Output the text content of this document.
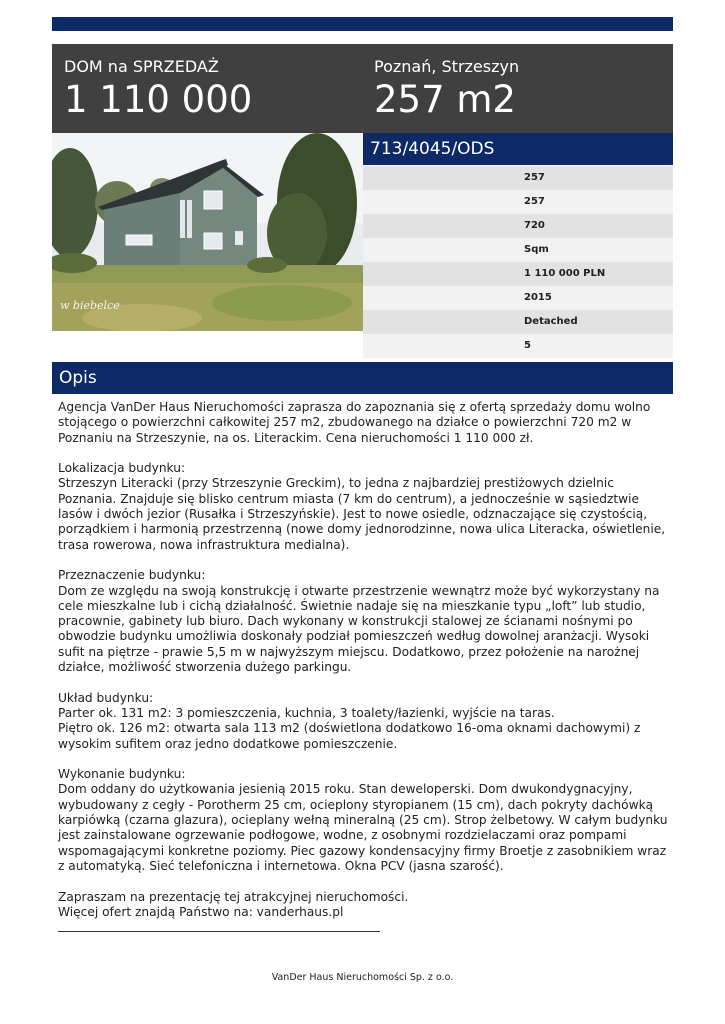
DOM na SPRZEDAŻ
1 110 000
Poznań, Strzeszyn
257 m2
w biebelce
713/4045/ODS
257
257
720
Sqm
1 110 000 PLN
2015
Detached
5
Opis

Agencja VanDer Haus Nieruchomości zaprasza do zapoznania się z ofertą sprzedaży domu wolno stojącego o powierzchni całkowitej 257 m2, zbudowanego na działce o powierzchni 720 m2 w Poznaniu na Strzeszynie, na os. Literackim. Cena nieruchomości 1 110 000 zł.

Lokalizacja budynku:
Strzeszyn Literacki (przy Strzeszynie Greckim), to jedna z najbardziej prestiżowych dzielnic Poznania. Znajduje się blisko centrum miasta (7 km do centrum), a jednocześnie w sąsiedztwie lasów i dwóch jezior (Rusałka i Strzeszyńskie). Jest to nowe osiedle, odznaczające się czystością, porządkiem i harmonią przestrzenną (nowe domy jednorodzinne, nowa ulica Literacka, oświetlenie, trasa rowerowa, nowa infrastruktura medialna).

Przeznaczenie budynku:
Dom ze względu na swoją konstrukcję i otwarte przestrzenie wewnątrz może być wykorzystany na cele mieszkalne lub i cichą działalność. Świetnie nadaje się na mieszkanie typu „loft” lub studio, pracownie, gabinety lub biuro. Dach wykonany w konstrukcji stalowej ze ścianami nośnymi po obwodzie budynku umożliwia doskonały podział pomieszczeń według dowolnej aranżacji. Wysoki sufit na piętrze - prawie 5,5 m w najwyższym miejscu. Dodatkowo, przez położenie na narożnej działce, możliwość stworzenia dużego parkingu.

Układ budynku:
Parter ok. 131 m2: 3 pomieszczenia, kuchnia, 3 toalety/łazienki, wyjście na taras.
Piętro ok. 126 m2: otwarta sala 113 m2 (doświetlona dodatkowo 16-oma oknami dachowymi) z wysokim sufitem oraz jedno dodatkowe pomieszczenie.

Wykonanie budynku:
Dom oddany do użytkowania jesienią 2015 roku. Stan deweloperski. Dom dwukondygnacyjny, wybudowany z cegły - Porotherm 25 cm, ocieplony styropianem (15 cm), dach pokryty dachówką karpiówką (czarna glazura), ocieplany wełną mineralną (25 cm). Strop żelbetowy. W całym budynku jest zainstalowane ogrzewanie podłogowe, wodne, z osobnymi rozdzielaczami oraz pompami wspomagającymi konkretne poziomy. Piec gazowy kondensacyjny firmy Broetje z zasobnikiem wraz z automatyką. Sieć telefoniczna i internetowa. Okna PCV (jasna szarość).

Zapraszam na prezentację tej atrakcyjnej nieruchomości.
Więcej ofert znajdą Państwo na: vanderhaus.pl

VanDer Haus Nieruchomości Sp. z o.o.
